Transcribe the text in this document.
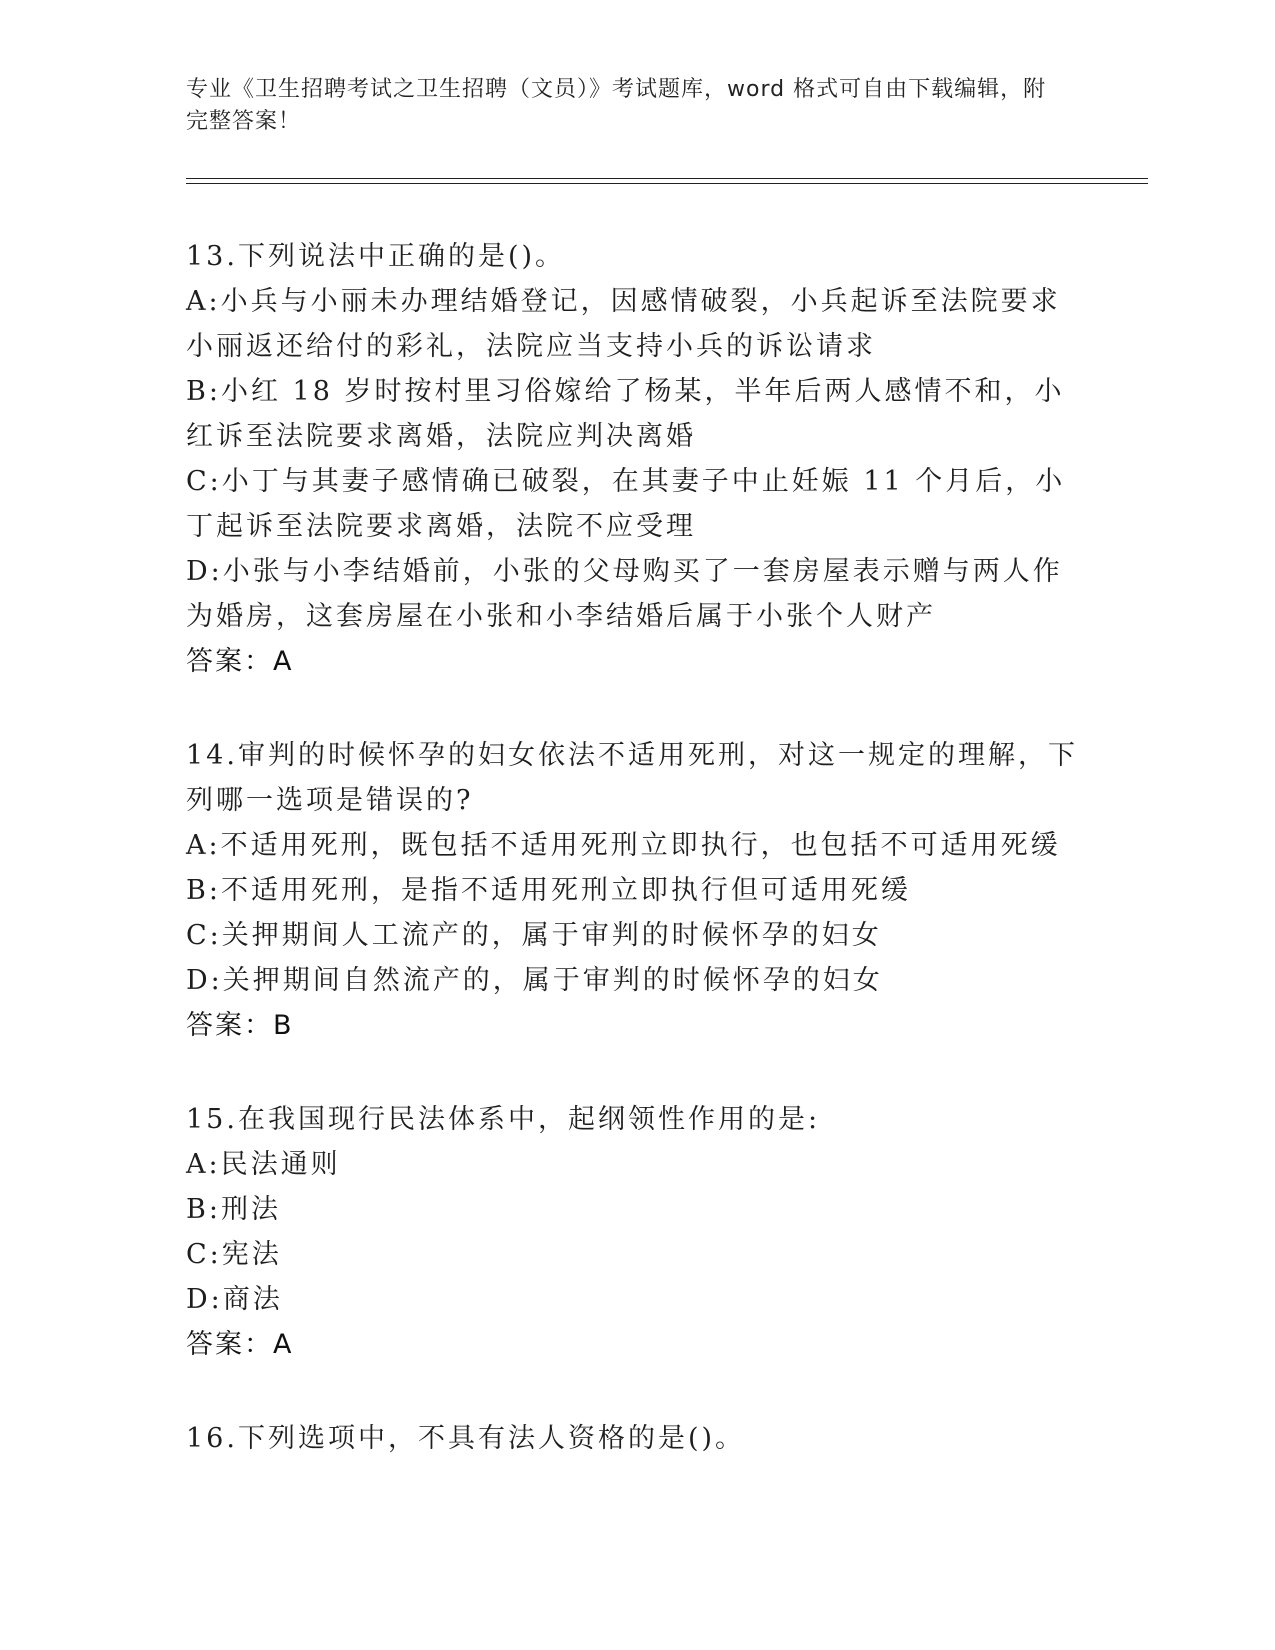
专业《卫生招聘考试之卫生招聘（文员）》考试题库，word 格式可自由下载编辑，附完整答案！

13.下列说法中正确的是()。

A:小兵与小丽未办理结婚登记，因感情破裂，小兵起诉至法院要求小丽返还给付的彩礼，法院应当支持小兵的诉讼请求

B:小红 18 岁时按村里习俗嫁给了杨某，半年后两人感情不和，小红诉至法院要求离婚，法院应判决离婚

C:小丁与其妻子感情确已破裂，在其妻子中止妊娠 11 个月后，小丁起诉至法院要求离婚，法院不应受理

D:小张与小李结婚前，小张的父母购买了一套房屋表示赠与两人作为婚房，这套房屋在小张和小李结婚后属于小张个人财产

答案：A

14.审判的时候怀孕的妇女依法不适用死刑，对这一规定的理解，下列哪一选项是错误的?

A:不适用死刑，既包括不适用死刑立即执行，也包括不可适用死缓

B:不适用死刑，是指不适用死刑立即执行但可适用死缓

C:关押期间人工流产的，属于审判的时候怀孕的妇女

D:关押期间自然流产的，属于审判的时候怀孕的妇女

答案：B

15.在我国现行民法体系中，起纲领性作用的是:

A:民法通则

B:刑法

C:宪法

D:商法

答案：A

16.下列选项中，不具有法人资格的是()。
